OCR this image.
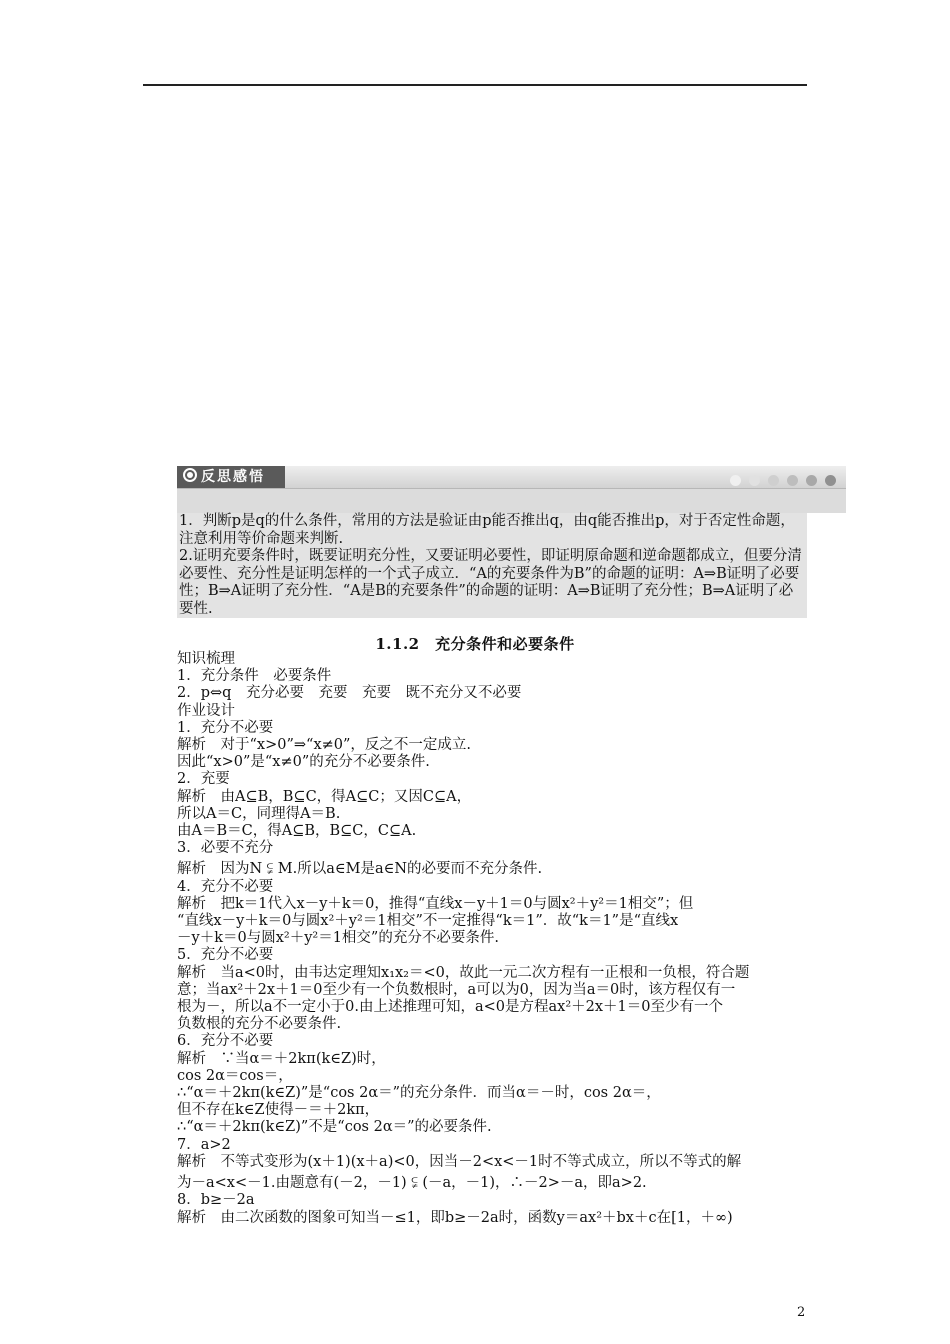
反思感悟

1．判断p是q的什么条件，常用的方法是验证由p能否推出q，由q能否推出p，对于否定性命题，注意利用等价命题来判断.

2.证明充要条件时，既要证明充分性，又要证明必要性，即证明原命题和逆命题都成立，但要分清必要性、充分性是证明怎样的一个式子成立．“A的充要条件为B”的命题的证明：A⇒B证明了必要性；B⇒A证明了充分性．“A是B的充要条件”的命题的证明：A⇒B证明了充分性；B⇒A证明了必要性.

1.1.2　充分条件和必要条件
知识梳理
1．充分条件　必要条件
2．p⇔q　充分必要　充要　充要　既不充分又不必要
作业设计
1．充分不必要
解析　对于“x>0”⇒“x≠0”，反之不一定成立.
因此“x>0”是“x≠0”的充分不必要条件.
2．充要
解析　由A⊆B，B⊆C，得A⊆C；又因C⊆A，
所以A＝C，同理得A＝B.
由A＝B＝C，得A⊆B，B⊆C，C⊆A.
3．必要不充分
解析　因为N ⫋ M.所以a∈M是a∈N的必要而不充分条件.
4．充分不必要
解析　把k＝1代入x－y＋k＝0，推得“直线x－y＋1＝0与圆x²＋y²＝1相交”；但
“直线x－y＋k＝0与圆x²＋y²＝1相交”不一定推得“k＝1”．故“k＝1”是“直线x
－y＋k＝0与圆x²＋y²＝1相交”的充分不必要条件.
5．充分不必要
解析　当a<0时，由韦达定理知x₁x₂＝<0，故此一元二次方程有一正根和一负根，符合题
意；当ax²＋2x＋1＝0至少有一个负数根时，a可以为0，因为当a＝0时，该方程仅有一
根为－，所以a不一定小于0.由上述推理可知，a<0是方程ax²＋2x＋1＝0至少有一个
负数根的充分不必要条件.
6．充分不必要
解析　∵当α＝＋2kπ(k∈Z)时，
cos 2α＝cos＝，
∴“α＝＋2kπ(k∈Z)”是“cos 2α＝”的充分条件．而当α＝－时，cos 2α＝，
但不存在k∈Z使得－＝＋2kπ，
∴“α＝＋2kπ(k∈Z)”不是“cos 2α＝”的必要条件.
7．a>2
解析　不等式变形为(x＋1)(x＋a)<0，因当－2<x<－1时不等式成立，所以不等式的解
为－a<x<－1.由题意有(－2，－1) ⫋ (－a，－1)，∴－2>－a，即a>2.
8．b≥－2a
解析　由二次函数的图象可知当－≤1，即b≥－2a时，函数y＝ax²＋bx＋c在[1，＋∞)
2
